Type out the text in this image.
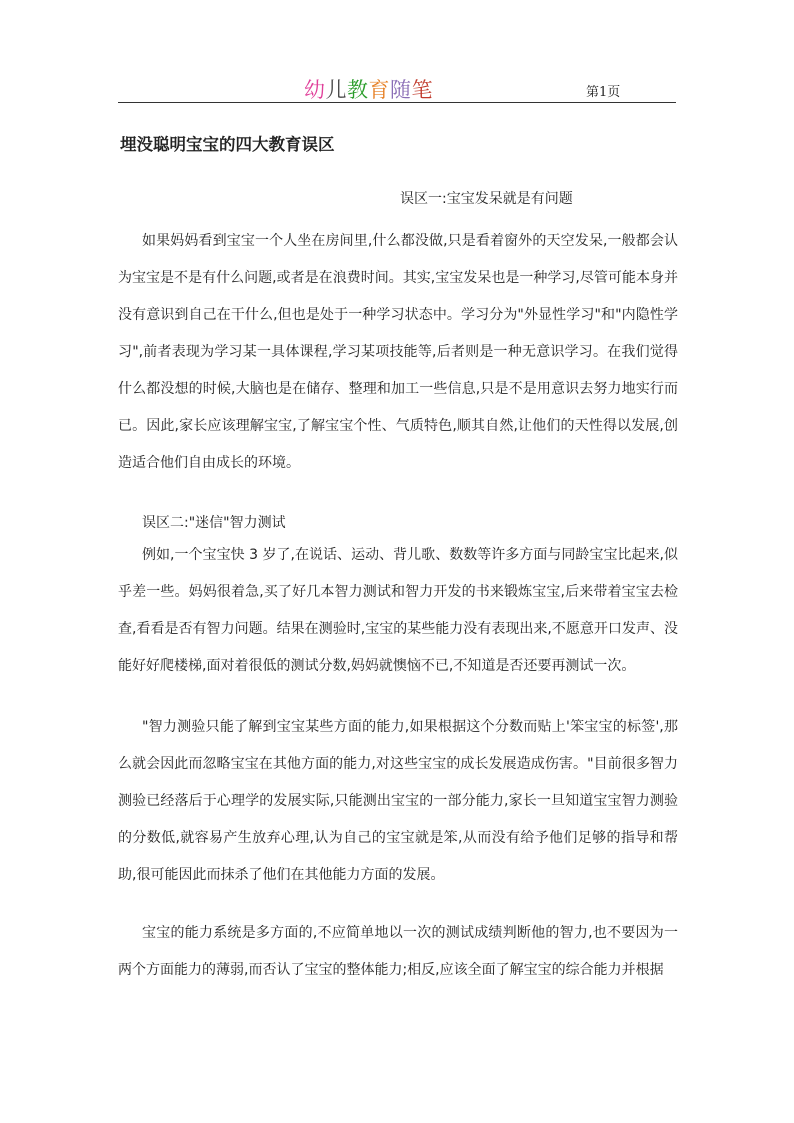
幼儿教育随笔	第1页
埋没聪明宝宝的四大教育误区
误区一:宝宝发呆就是有问题

如果妈妈看到宝宝一个人坐在房间里,什么都没做,只是看着窗外的天空发呆,一般都会认为宝宝是不是有什么问题,或者是在浪费时间。其实,宝宝发呆也是一种学习,尽管可能本身并没有意识到自己在干什么,但也是处于一种学习状态中。学习分为"外显性学习"和"内隐性学习",前者表现为学习某一具体课程,学习某项技能等,后者则是一种无意识学习。在我们觉得什么都没想的时候,大脑也是在储存、整理和加工一些信息,只是不是用意识去努力地实行而已。因此,家长应该理解宝宝,了解宝宝个性、气质特色,顺其自然,让他们的天性得以发展,创造适合他们自由成长的环境。

误区二:"迷信"智力测试

例如,一个宝宝快 3 岁了,在说话、运动、背儿歌、数数等许多方面与同龄宝宝比起来,似乎差一些。妈妈很着急,买了好几本智力测试和智力开发的书来锻炼宝宝,后来带着宝宝去检查,看看是否有智力问题。结果在测验时,宝宝的某些能力没有表现出来,不愿意开口发声、没能好好爬楼梯,面对着很低的测试分数,妈妈就懊恼不已,不知道是否还要再测试一次。

"智力测验只能了解到宝宝某些方面的能力,如果根据这个分数而贴上'笨宝宝的标签',那么就会因此而忽略宝宝在其他方面的能力,对这些宝宝的成长发展造成伤害。"目前很多智力测验已经落后于心理学的发展实际,只能测出宝宝的一部分能力,家长一旦知道宝宝智力测验的分数低,就容易产生放弃心理,认为自己的宝宝就是笨,从而没有给予他们足够的指导和帮助,很可能因此而抹杀了他们在其他能力方面的发展。

宝宝的能力系统是多方面的,不应简单地以一次的测试成绩判断他的智力,也不要因为一两个方面能力的薄弱,而否认了宝宝的整体能力;相反,应该全面了解宝宝的综合能力并根据
